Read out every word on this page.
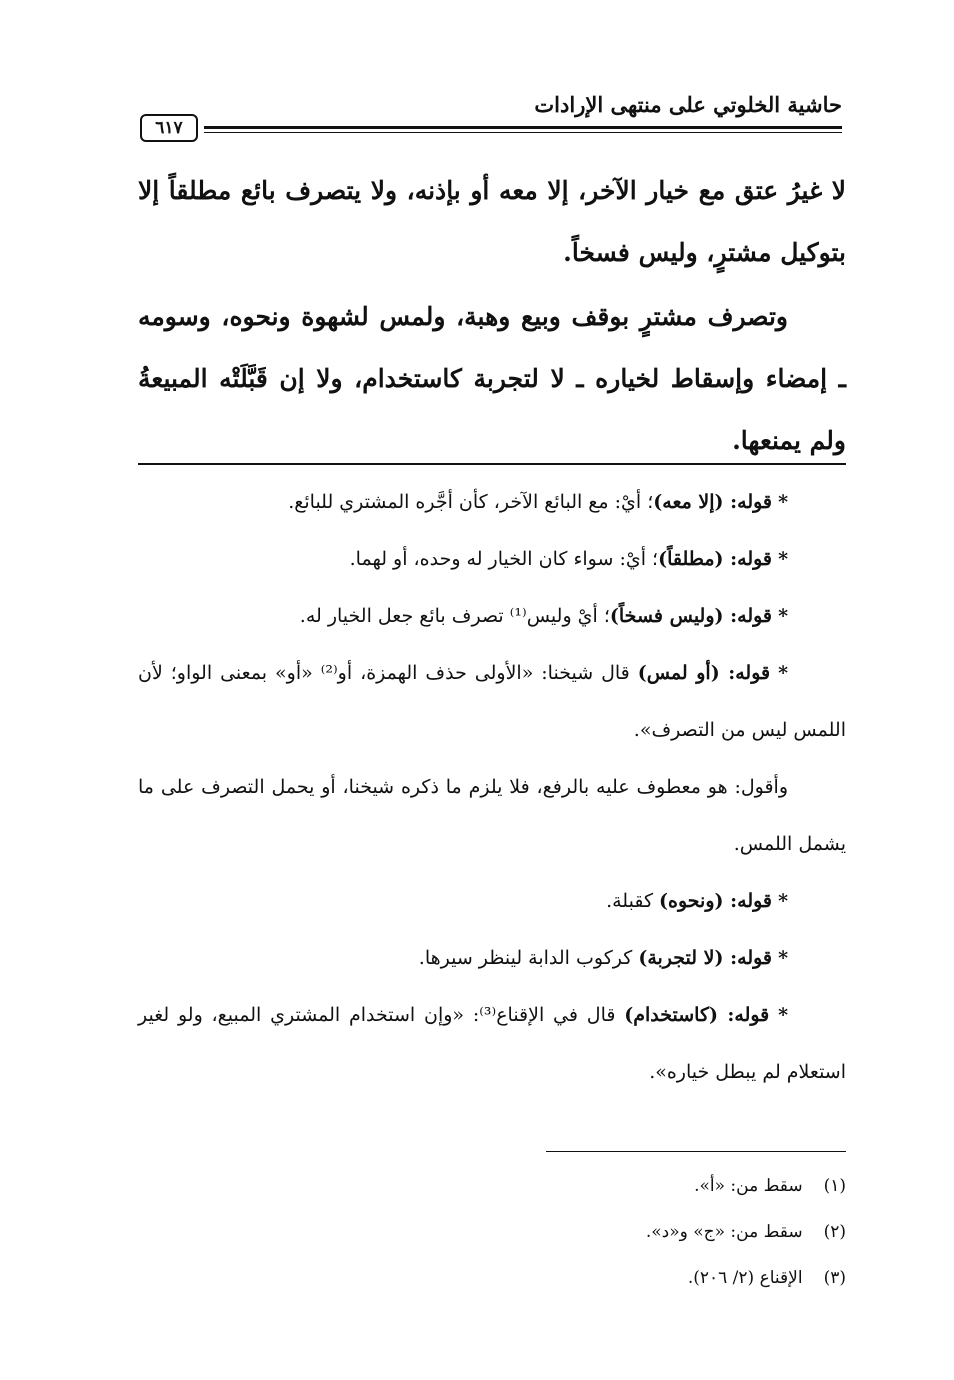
حاشية الخلوتي على منتهى الإرادات
٦١٧

لا غيرُ عتق مع خيار الآخر، إلا معه أو بإذنه، ولا يتصرف بائع مطلقاً إلا بتوكيل مشترٍ، وليس فسخاً.

وتصرف مشترٍ بوقف وبيع وهبة، ولمس لشهوة ونحوه، وسومه ـ إمضاء وإسقاط لخياره ـ لا لتجربة كاستخدام، ولا إن قَبَّلَتْه المبيعةُ ولم يمنعها.

* قوله: (إلا معه)؛ أيْ: مع البائع الآخر، كأن أجَّره المشتري للبائع.

* قوله: (مطلقاً)؛ أيْ: سواء كان الخيار له وحده، أو لهما.

* قوله: (وليس فسخاً)؛ أيْ وليس⁽¹⁾ تصرف بائع جعل الخيار له.

* قوله: (أو لمس) قال شيخنا: «الأولى حذف الهمزة، أو⁽²⁾ «أو» بمعنى الواو؛ لأن اللمس ليس من التصرف».

وأقول: هو معطوف عليه بالرفع، فلا يلزم ما ذكره شيخنا، أو يحمل التصرف على ما يشمل اللمس.

* قوله: (ونحوه) كقبلة.

* قوله: (لا لتجربة) كركوب الدابة لينظر سيرها.

* قوله: (كاستخدام) قال في الإقناع⁽³⁾: «وإن استخدام المشتري المبيع، ولو لغير استعلام لم يبطل خياره».

(١) سقط من: «أ».

(٢) سقط من: «ج» و«د».

(٣) الإقناع (٢/ ٢٠٦).
